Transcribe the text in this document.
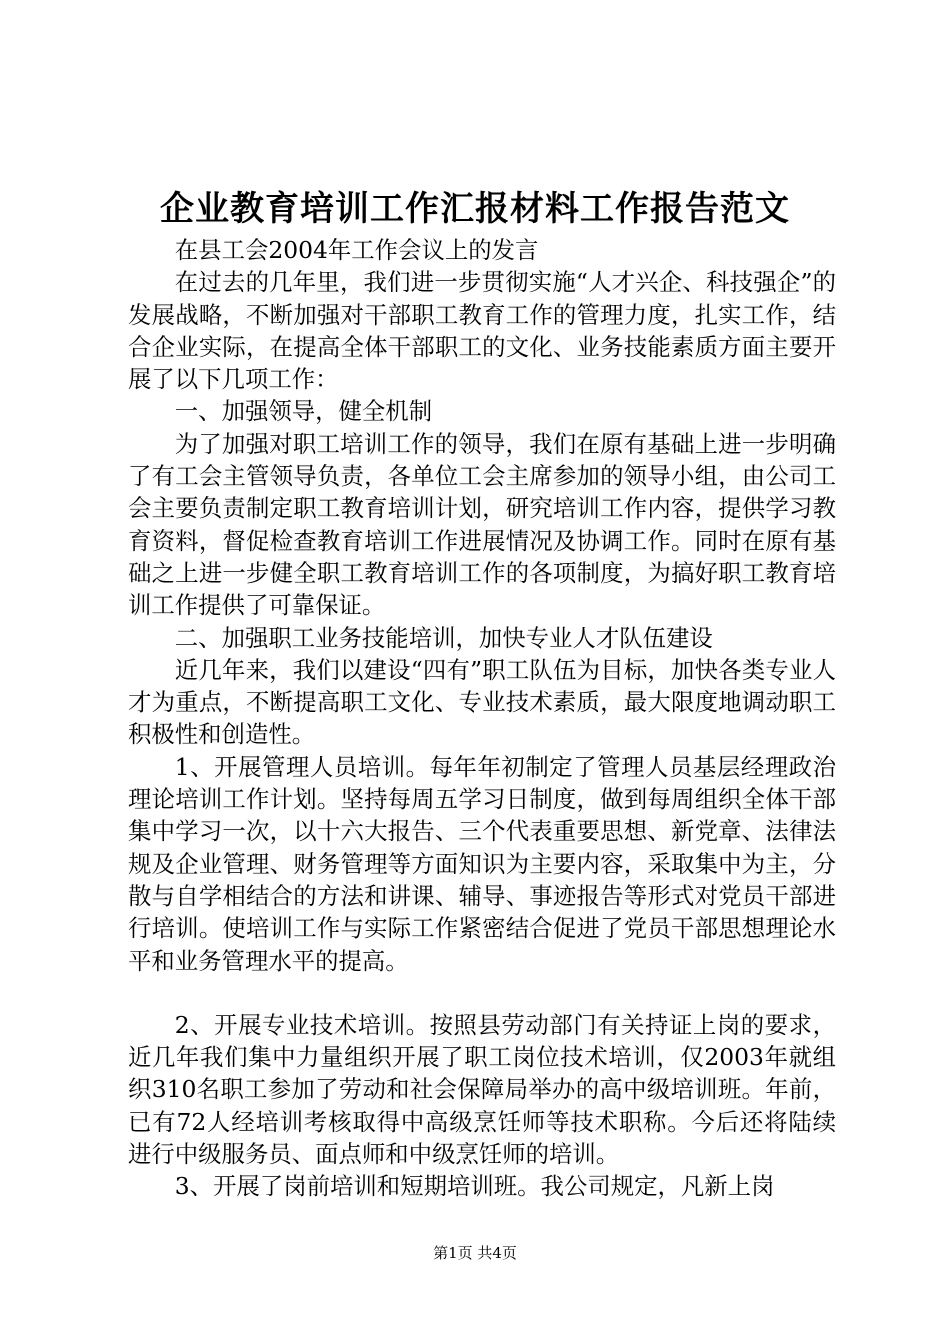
企业教育培训工作汇报材料工作报告范文

在县工会2004年工作会议上的发言

在过去的几年里，我们进一步贯彻实施“人才兴企、科技强企”的发展战略，不断加强对干部职工教育工作的管理力度，扎实工作，结合企业实际，在提高全体干部职工的文化、业务技能素质方面主要开展了以下几项工作：

一、加强领导，健全机制

为了加强对职工培训工作的领导，我们在原有基础上进一步明确了有工会主管领导负责，各单位工会主席参加的领导小组，由公司工会主要负责制定职工教育培训计划，研究培训工作内容，提供学习教育资料，督促检查教育培训工作进展情况及协调工作。同时在原有基础之上进一步健全职工教育培训工作的各项制度，为搞好职工教育培训工作提供了可靠保证。

二、加强职工业务技能培训，加快专业人才队伍建设

近几年来，我们以建设“四有”职工队伍为目标，加快各类专业人才为重点，不断提高职工文化、专业技术素质，最大限度地调动职工积极性和创造性。

1、开展管理人员培训。每年年初制定了管理人员基层经理政治理论培训工作计划。坚持每周五学习日制度，做到每周组织全体干部集中学习一次，以十六大报告、三个代表重要思想、新党章、法律法规及企业管理、财务管理等方面知识为主要内容，采取集中为主，分散与自学相结合的方法和讲课、辅导、事迹报告等形式对党员干部进行培训。使培训工作与实际工作紧密结合促进了党员干部思想理论水平和业务管理水平的提高。

2、开展专业技术培训。按照县劳动部门有关持证上岗的要求，近几年我们集中力量组织开展了职工岗位技术培训，仅2003年就组织310名职工参加了劳动和社会保障局举办的高中级培训班。年前，已有72人经培训考核取得中高级烹饪师等技术职称。今后还将陆续进行中级服务员、面点师和中级烹饪师的培训。

3、开展了岗前培训和短期培训班。我公司规定，凡新上岗

第1页 共4页
